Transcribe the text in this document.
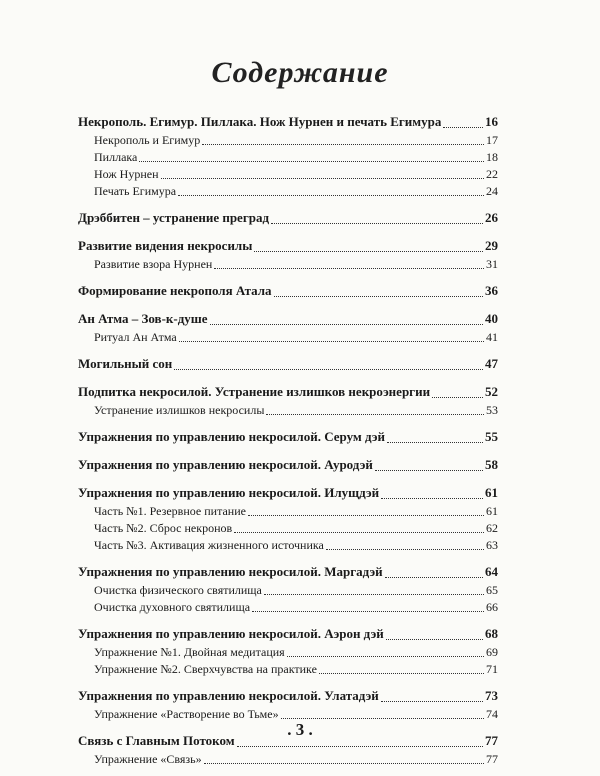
Содержание
Некрополь. Егимур. Пиллака. Нож Нурнен и печать Егимура	16
Некрополь и Егимур	17
Пиллака	18
Нож Нурнен	22
Печать Егимура	24
Дрэббитен – устранение преград	26
Развитие видения некросилы	29
Развитие взора Нурнен	31
Формирование некрополя Атала	36
Ан Атма – Зов-к-душе	40
Ритуал Ан Атма	41
Могильный сон	47
Подпитка некросилой. Устранение излишков некроэнергии	52
Устранение излишков некросилы	53
Упражнения по управлению некросилой. Серум дэй	55
Упражнения по управлению некросилой. Ауродэй	58
Упражнения по управлению некросилой. Илущдэй	61
Часть №1. Резервное питание	61
Часть №2. Сброс некронов	62
Часть №3. Активация жизненного источника	63
Упражнения по управлению некросилой. Маргадэй	64
Очистка физического святилища	65
Очистка духовного святилища	66
Упражнения по управлению некросилой. Аэрон дэй	68
Упражнение №1. Двойная медитация	69
Упражнение №2. Сверхчувства на практике	71
Упражнения по управлению некросилой. Улатадэй	73
Упражнение «Растворение во Тьме»	74
Связь с Главным Потоком	77
Упражнение «Связь»	77
. 3 .
